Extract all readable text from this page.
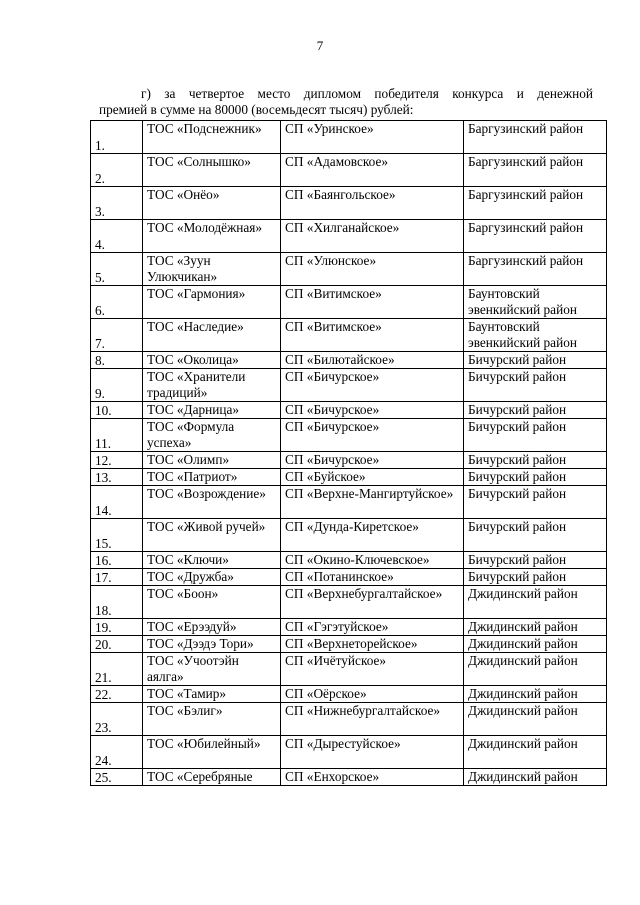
7
г) за четвертое место дипломом победителя конкурса и денежной
премией в сумме на 80000 (восемьдесят тысяч) рублей:
1.	ТОС «Подснежник»	СП «Уринское»	Баргузинский район
2.	ТОС «Солнышко»	СП «Адамовское»	Баргузинский район
3.	ТОС «Онёо»	СП «Баянгольское»	Баргузинский район
4.	ТОС «Молодёжная»	СП «Хилганайское»	Баргузинский район
5.	ТОС «Зуун Улюкчикан»	СП «Улюнское»	Баргузинский район
6.	ТОС «Гармония»	СП «Витимское»	Баунтовский эвенкийский район
7.	ТОС «Наследие»	СП «Витимское»	Баунтовский эвенкийский район
8.	ТОС «Околица»	СП «Билютайское»	Бичурский район
9.	ТОС «Хранители традиций»	СП «Бичурское»	Бичурский район
10.	ТОС «Дарница»	СП «Бичурское»	Бичурский район
11.	ТОС «Формула успеха»	СП «Бичурское»	Бичурский район
12.	ТОС «Олимп»	СП «Бичурское»	Бичурский район
13.	ТОС «Патриот»	СП «Буйское»	Бичурский район
14.	ТОС «Возрождение»	СП «Верхне-Мангиртуйское»	Бичурский район
15.	ТОС «Живой ручей»	СП «Дунда-Киретское»	Бичурский район
16.	ТОС «Ключи»	СП «Окино-Ключевское»	Бичурский район
17.	ТОС «Дружба»	СП «Потанинское»	Бичурский район
18.	ТОС «Боон»	СП «Верхнебургалтайское»	Джидинский район
19.	ТОС «Ерээдуй»	СП «Гэгэтуйское»	Джидинский район
20.	ТОС «Дээдэ Тори»	СП «Верхнеторейское»	Джидинский район
21.	ТОС «Учоотэйн аялга»	СП «Ичётуйское»	Джидинский район
22.	ТОС «Тамир»	СП «Оёрское»	Джидинский район
23.	ТОС «Бэлиг»	СП «Нижнебургалтайское»	Джидинский район
24.	ТОС «Юбилейный»	СП «Дырестуйское»	Джидинский район
25.	ТОС «Серебряные	СП «Енхорское»	Джидинский район
